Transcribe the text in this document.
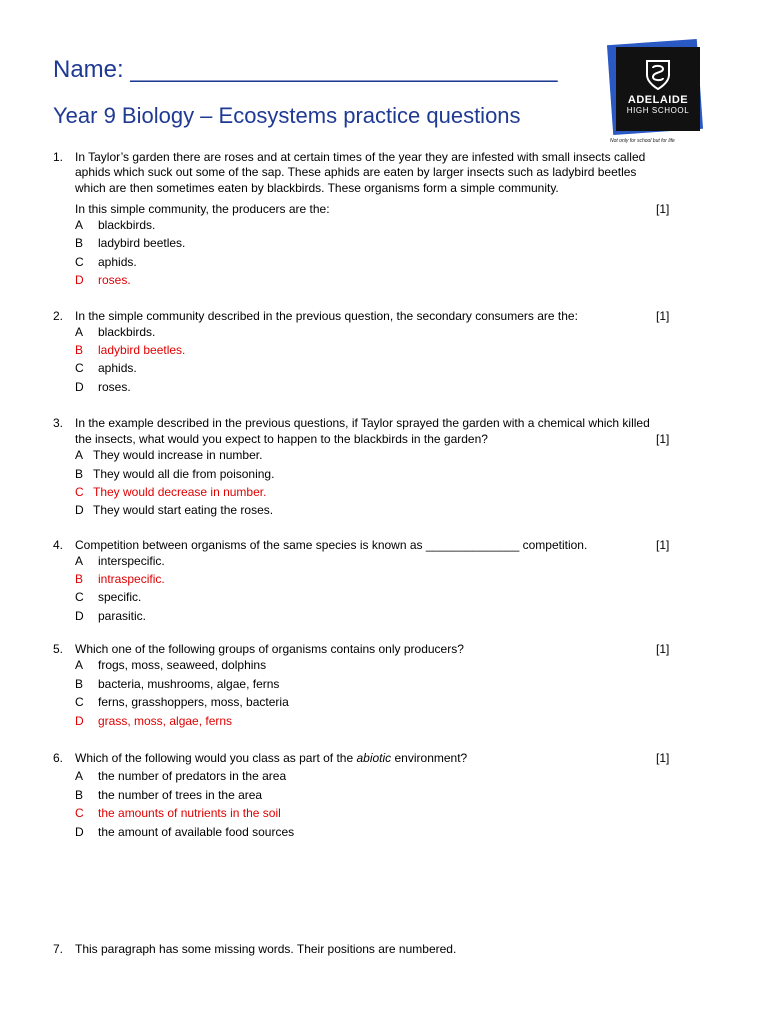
Name: ________________________________
Year 9 Biology – Ecosystems practice questions
ADELAIDE
HIGH SCHOOL
Not only for school but for life
1. In Taylor’s garden there are roses and at certain times of the year they are infested with small insects called
aphids which suck out some of the sap. These aphids are eaten by larger insects such as ladybird beetles
which are then sometimes eaten by blackbirds. These organisms form a simple community.
In this simple community, the producers are the:	[1]
A	blackbirds.
B	ladybird beetles.
C	aphids.
D	roses.
2. In the simple community described in the previous question, the secondary consumers are the:	[1]
A	blackbirds.
B	ladybird beetles.
C	aphids.
D	roses.
3. In the example described in the previous questions, if Taylor sprayed the garden with a chemical which killed
the insects, what would you expect to happen to the blackbirds in the garden?	[1]
A They would increase in number.
B They would all die from poisoning.
C They would decrease in number.
D They would start eating the roses.
4. Competition between organisms of the same species is known as ______________ competition.	[1]
A	interspecific.
B	intraspecific.
C	specific.
D	parasitic.
5. Which one of the following groups of organisms contains only producers?	[1]
A	frogs, moss, seaweed, dolphins
B	bacteria, mushrooms, algae, ferns
C	ferns, grasshoppers, moss, bacteria
D	grass, moss, algae, ferns
6. Which of the following would you class as part of the abiotic environment?	[1]
A	the number of predators in the area
B	the number of trees in the area
C	the amounts of nutrients in the soil
D	the amount of available food sources
7. This paragraph has some missing words. Their positions are numbered.
